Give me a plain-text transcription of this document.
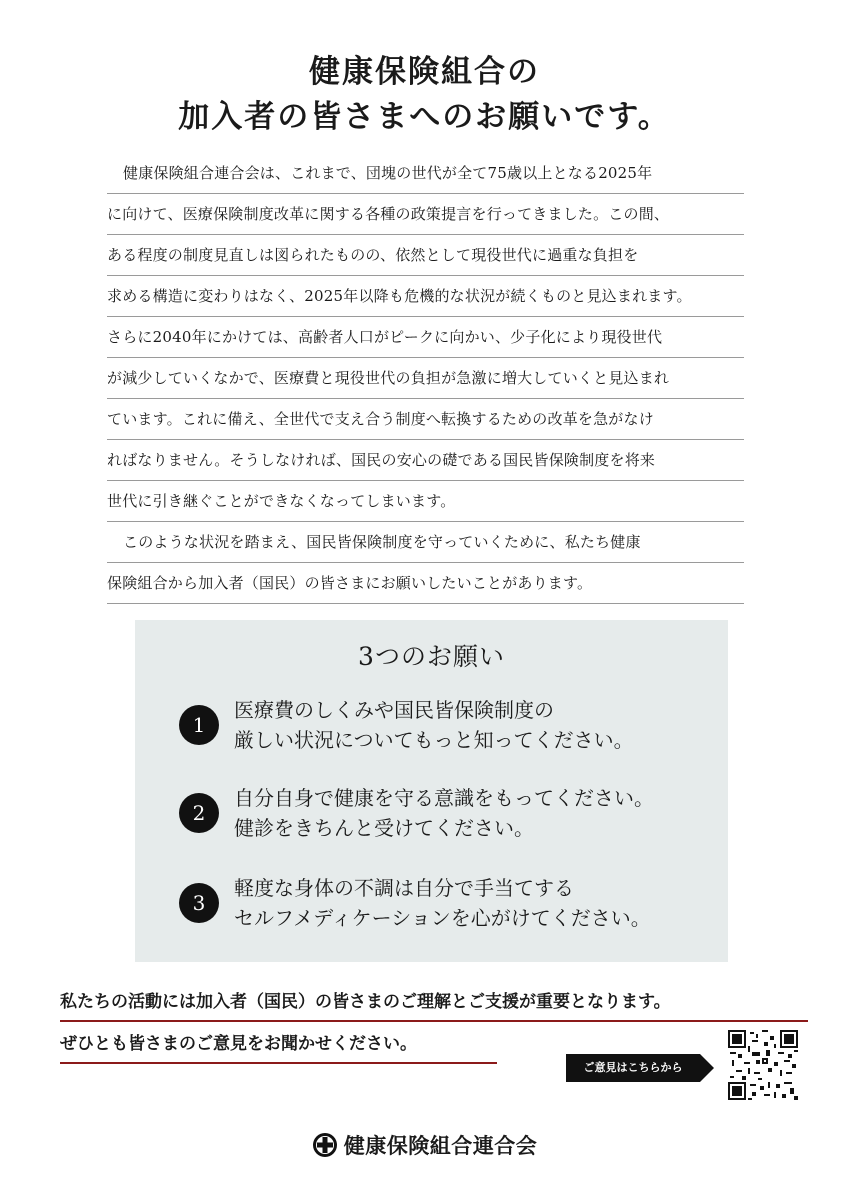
健康保険組合の
加入者の皆さまへのお願いです。
健康保険組合連合会は、これまで、団塊の世代が全て75歳以上となる2025年
に向けて、医療保険制度改革に関する各種の政策提言を行ってきました。この間、
ある程度の制度見直しは図られたものの、依然として現役世代に過重な負担を
求める構造に変わりはなく、2025年以降も危機的な状況が続くものと見込まれます。
さらに2040年にかけては、高齢者人口がピークに向かい、少子化により現役世代
が減少していくなかで、医療費と現役世代の負担が急激に増大していくと見込まれ
ています。これに備え、全世代で支え合う制度へ転換するための改革を急がなけ
ればなりません。そうしなければ、国民の安心の礎である国民皆保険制度を将来
世代に引き継ぐことができなくなってしまいます。
このような状況を踏まえ、国民皆保険制度を守っていくために、私たち健康
保険組合から加入者（国民）の皆さまにお願いしたいことがあります。
3つのお願い
1
医療費のしくみや国民皆保険制度の
厳しい状況についてもっと知ってください。
2
自分自身で健康を守る意識をもってください。
健診をきちんと受けてください。
3
軽度な身体の不調は自分で手当てする
セルフメディケーションを心がけてください。
私たちの活動には加入者（国民）の皆さまのご理解とご支援が重要となります。
ぜひとも皆さまのご意見をお聞かせください。
ご意見はこちらから
健康保険組合連合会
